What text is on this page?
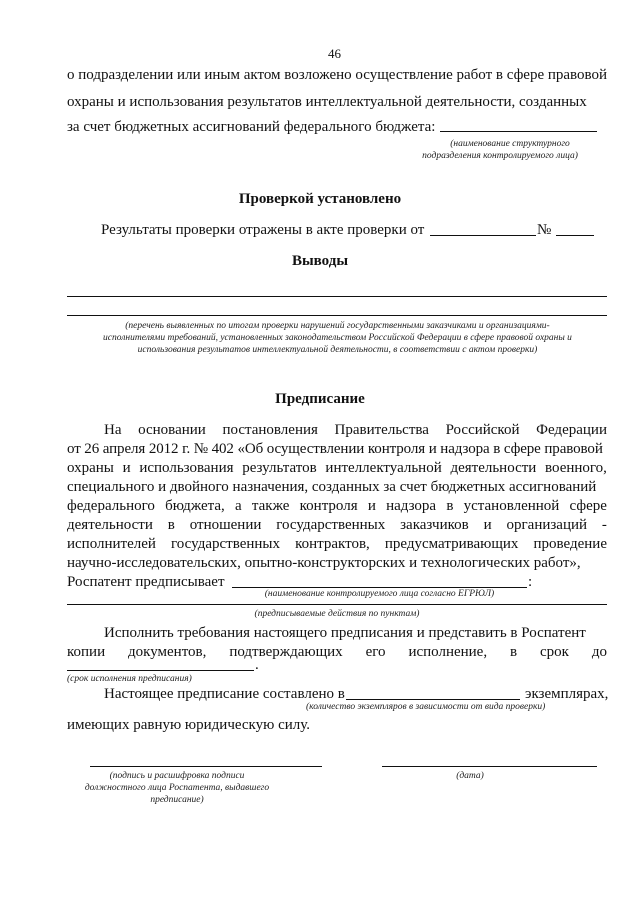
46
о подразделении или иным актом возложено осуществление работ в сфере правовой
охраны и использования результатов интеллектуальной деятельности, созданных
за счет бюджетных ассигнований федерального бюджета:
(наименование структурного
подразделения контролируемого лица)
Проверкой установлено
Результаты проверки отражены в акте проверки от	№
Выводы
(перечень выявленных по итогам проверки нарушений государственными заказчиками и организациями-
исполнителями требований, установленных законодательством Российской Федерации в сфере правовой охраны и
использования результатов интеллектуальной деятельности, в соответствии с актом проверки)
Предписание
На основании постановления Правительства Российской Федерации
от 26 апреля 2012 г. № 402 «Об осуществлении контроля и надзора в сфере правовой
охраны и использования результатов интеллектуальной деятельности военного,
специального и двойного назначения, созданных за счет бюджетных ассигнований
федерального бюджета, а также контроля и надзора в установленной сфере
деятельности в отношении государственных заказчиков и организаций -
исполнителей государственных контрактов, предусматривающих проведение
научно-исследовательских, опытно-конструкторских и технологических работ»,
Роспатент предписывает	:
(наименование контролируемого лица согласно ЕГРЮЛ)
(предписываемые действия по пунктам)
Исполнить требования настоящего предписания и представить в Роспатент
копии документов, подтверждающих его исполнение, в срок до
.
(срок исполнения предписания)
Настоящее предписание составлено в	экземплярах,
(количество экземпляров в зависимости от вида проверки)
имеющих равную юридическую силу.
(подпись и расшифровка подписи
должностного лица Роспатента, выдавшего
предписание)
(дата)
